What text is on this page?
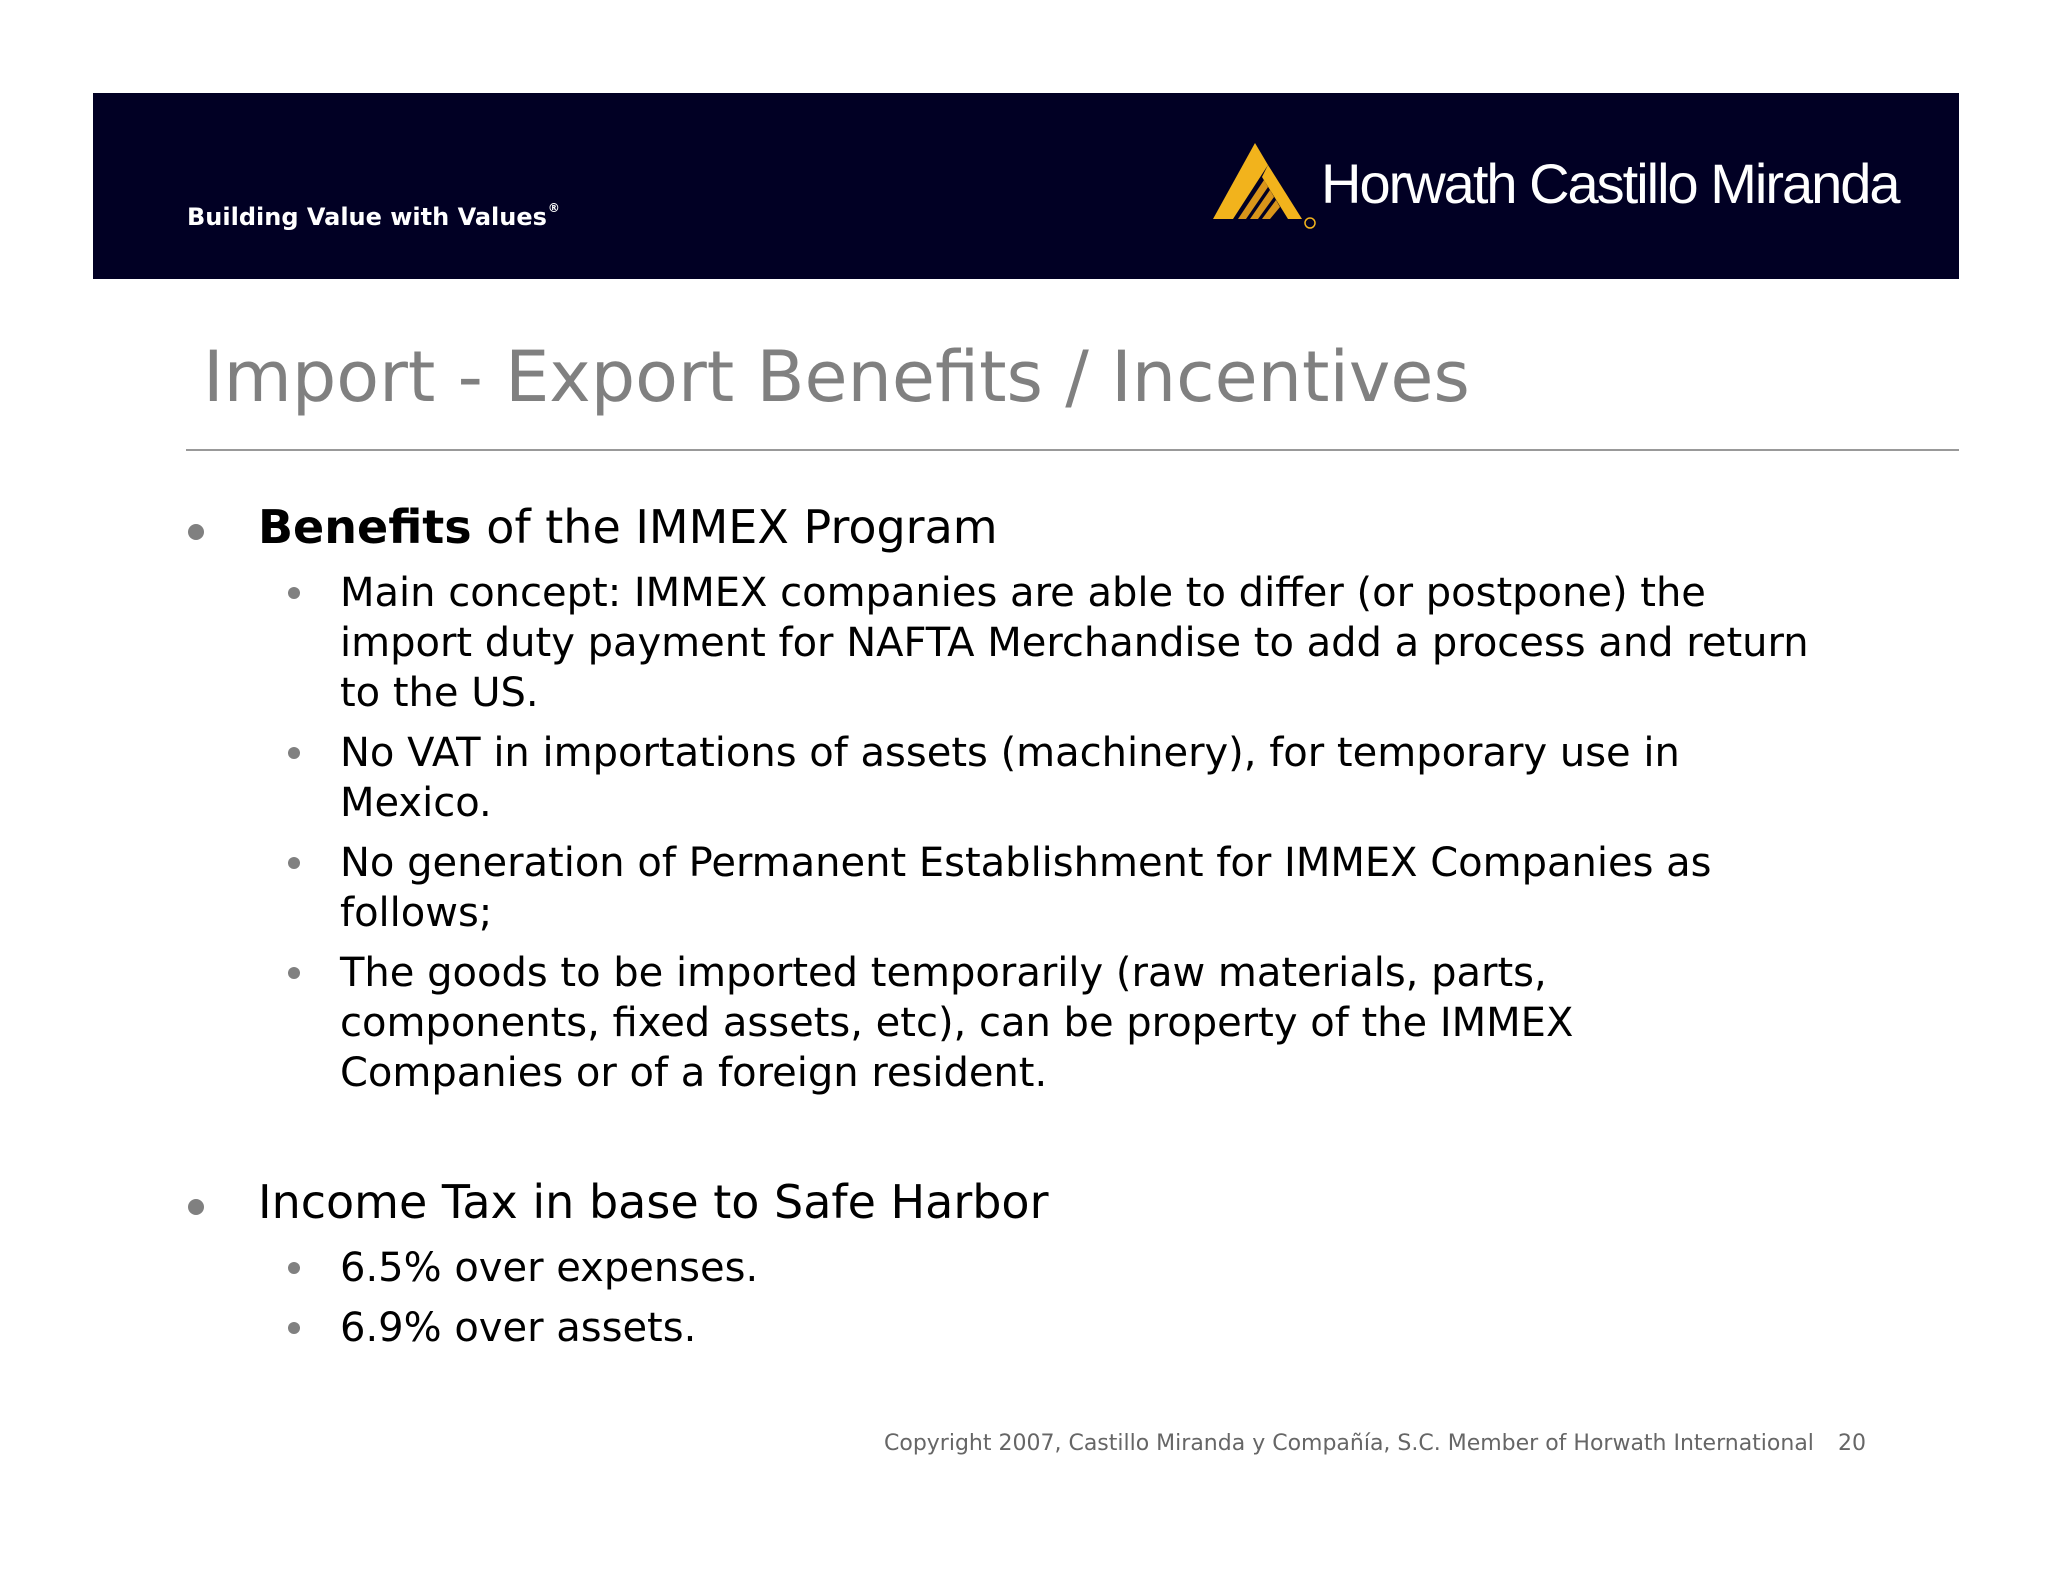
Building Value with Values®	Horwath Castillo Miranda
Import - Export Benefits / Incentives
Benefits of the IMMEX Program
Main concept: IMMEX companies are able to differ (or postpone) the import duty payment for NAFTA Merchandise to add a process and return to the US.
No VAT in importations of assets (machinery), for temporary use in Mexico.
No generation of Permanent Establishment for IMMEX Companies as follows;
The goods to be imported temporarily (raw materials, parts, components, fixed assets, etc), can be property of the IMMEX Companies or of a foreign resident.
Income Tax in base to Safe Harbor
6.5% over expenses.
6.9% over assets.
Copyright 2007, Castillo Miranda y Compañía, S.C. Member of Horwath International 20
